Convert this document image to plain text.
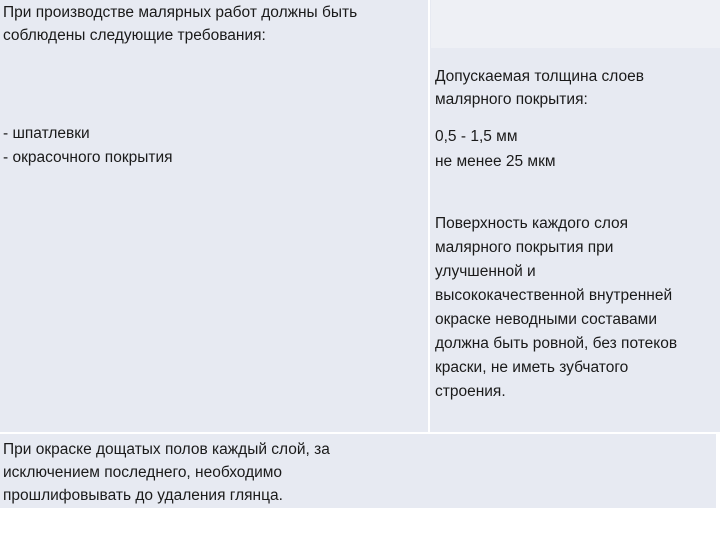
При производстве малярных работ должны быть
соблюдены следующие требования:
- шпатлевки
- окрасочного покрытия
При окраске дощатых полов каждый слой, за
исключением последнего, необходимо
прошлифовывать до удаления глянца.
Допускаемая толщина слоев
малярного покрытия:
0,5 - 1,5 мм
не менее 25 мкм
Поверхность каждого слоя
малярного покрытия при
улучшенной и
высококачественной внутренней
окраске неводными составами
должна быть ровной, без потеков
краски, не иметь зубчатого
строения.
